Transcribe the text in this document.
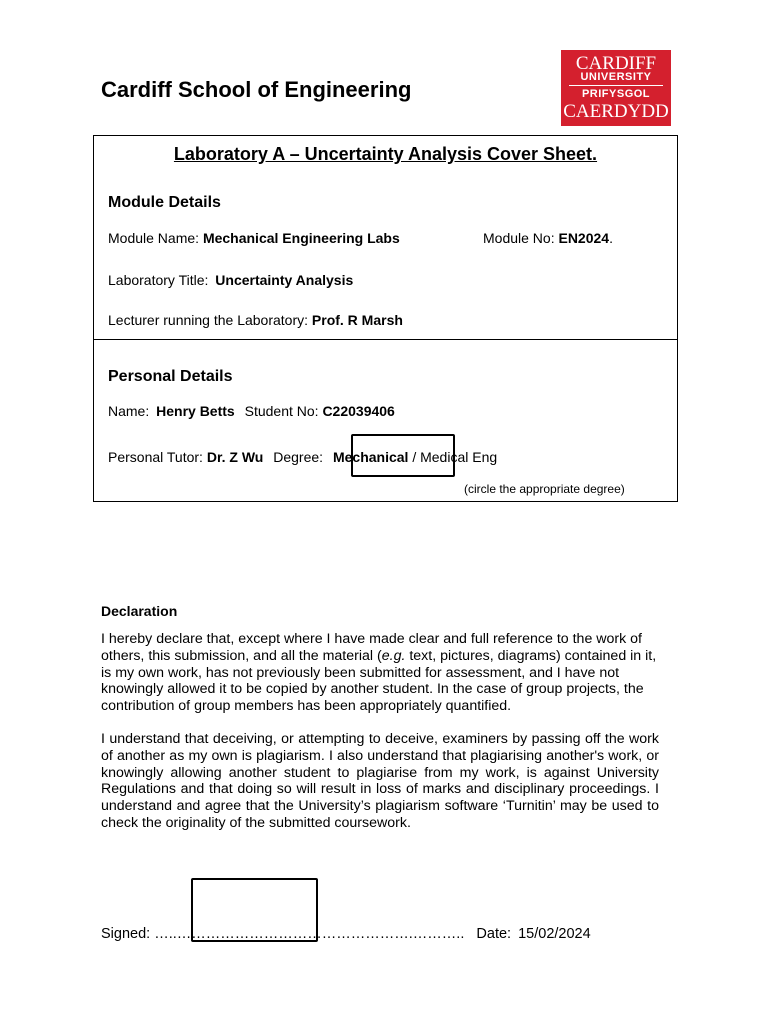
Cardiff School of Engineering
CARDIFF
UNIVERSITY
PRIFYSGOL
CAERDYDD
Laboratory A – Uncertainty Analysis Cover Sheet.
Module Details
Module Name: Mechanical Engineering Labs	Module No: EN2024.
Laboratory Title: Uncertainty Analysis
Lecturer running the Laboratory: Prof. R Marsh
Personal Details
Name: Henry Betts Student No: C22039406
Personal Tutor: Dr. Z Wu Degree: Mechanical / Medical Eng
(circle the appropriate degree)
Declaration
I hereby declare that, except where I have made clear and full reference to the work of others, this submission, and all the material (e.g. text, pictures, diagrams) contained in it, is my own work, has not previously been submitted for assessment, and I have not knowingly allowed it to be copied by another student. In the case of group projects, the contribution of group members has been appropriately quantified.
I understand that deceiving, or attempting to deceive, examiners by passing off the work of another as my own is plagiarism. I also understand that plagiarising another's work, or knowingly allowing another student to plagiarise from my work, is against University Regulations and that doing so will result in loss of marks and disciplinary proceedings. I understand and agree that the University’s plagiarism software ‘Turnitin’ may be used to check the originality of the submitted coursework.
Signed: …..………………………………………….……….. Date: 15/02/2024
